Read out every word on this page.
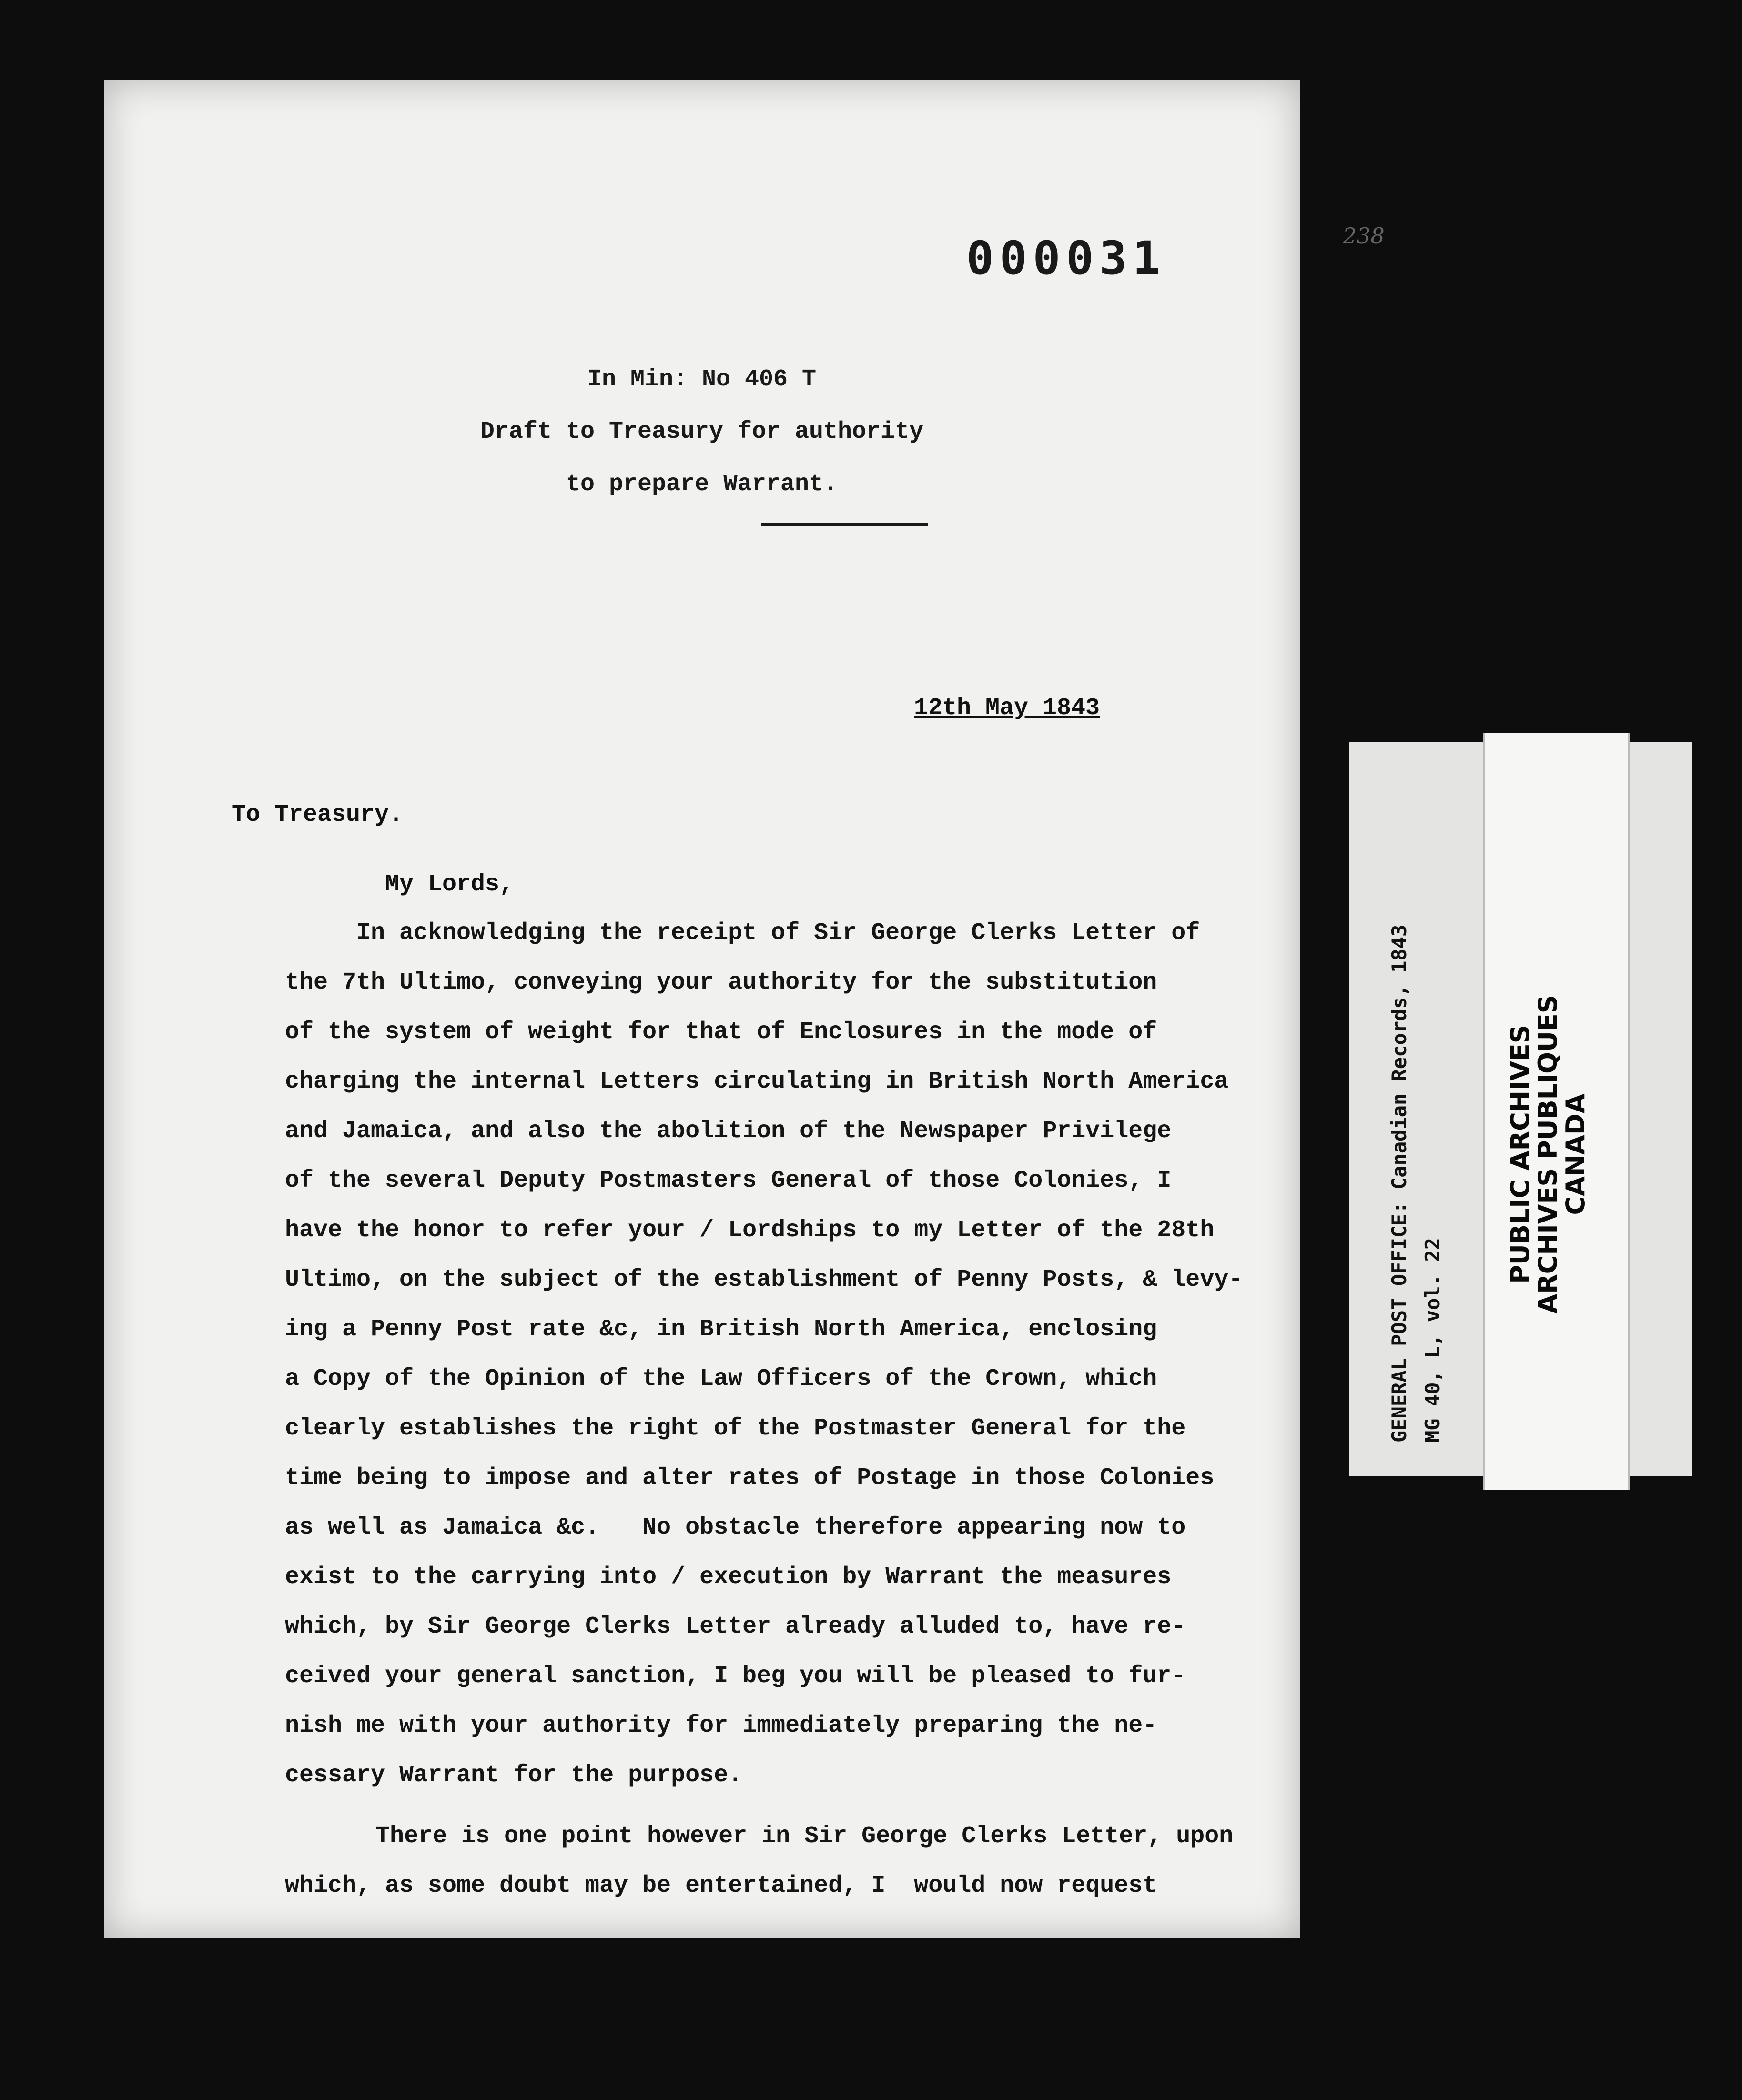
238
000031
In Min: No 406 T
Draft to Treasury for authority
to prepare Warrant.
12th May 1843
To Treasury.
My Lords,
In acknowledging the receipt of Sir George Clerks Letter of
the 7th Ultimo, conveying your authority for the substitution
of the system of weight for that of Enclosures in the mode of
charging the internal Letters circulating in British North America
and Jamaica, and also the abolition of the Newspaper Privilege
of the several Deputy Postmasters General of those Colonies, I
have the honor to refer your / Lordships to my Letter of the 28th
Ultimo, on the subject of the establishment of Penny Posts, & levy-
ing a Penny Post rate &c, in British North America, enclosing
a Copy of the Opinion of the Law Officers of the Crown, which
clearly establishes the right of the Postmaster General for the
time being to impose and alter rates of Postage in those Colonies
as well as Jamaica &c.   No obstacle therefore appearing now to
exist to the carrying into / execution by Warrant the measures
which, by Sir George Clerks Letter already alluded to, have re-
ceived your general sanction, I beg you will be pleased to fur-
nish me with your authority for immediately preparing the ne-
cessary Warrant for the purpose.
There is one point however in Sir George Clerks Letter, upon
which, as some doubt may be entertained, I  would now request
GENERAL POST OFFICE: Canadian Records, 1843 MG 40, L, vol. 22
PUBLIC ARCHIVES
ARCHIVES PUBLIQUES
CANADA
